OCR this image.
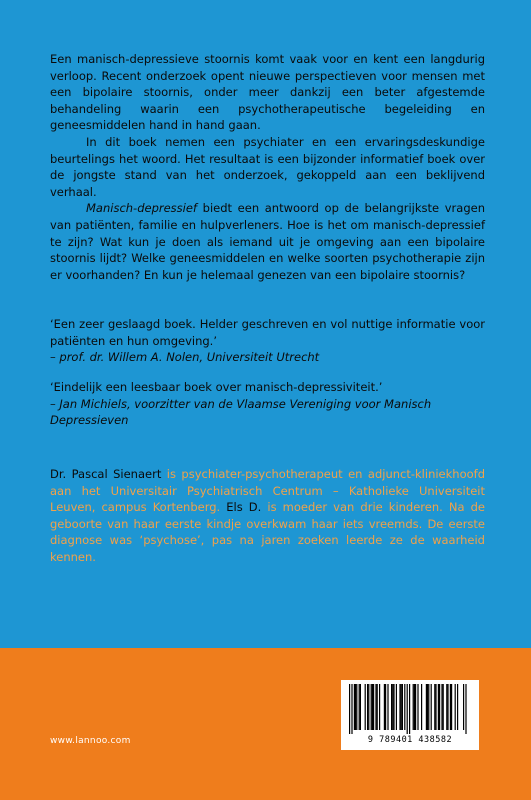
Een manisch-depressieve stoornis komt vaak voor en kent een langdurig verloop. Recent onderzoek opent nieuwe perspectieven voor mensen met een bipolaire stoornis, onder meer dankzij een beter afgestemde behandeling waarin een psychotherapeutische begeleiding en geneesmiddelen hand in hand gaan.

In dit boek nemen een psychiater en een ervaringsdeskundige beurtelings het woord. Het resultaat is een bijzonder informatief boek over de jongste stand van het onderzoek, gekoppeld aan een beklijvend verhaal.

Manisch-depressief biedt een antwoord op de belangrijkste vragen van patiënten, familie en hulpverleners. Hoe is het om manisch-depressief te zijn? Wat kun je doen als iemand uit je omgeving aan een bipolaire stoornis lijdt? Welke geneesmiddelen en welke soorten psychotherapie zijn er voorhanden? En kun je helemaal genezen van een bipolaire stoornis?

‘Een zeer geslaagd boek. Helder geschreven en vol nuttige informatie voor patiënten en hun omgeving.’
– prof. dr. Willem A. Nolen, Universiteit Utrecht
‘Eindelijk een leesbaar boek over manisch-depressiviteit.’
– Jan Michiels, voorzitter van de Vlaamse Vereniging voor Manisch Depressieven
Dr. Pascal Sienaert is psychiater-psychotherapeut en adjunct-kliniekhoofd aan het Universitair Psychiatrisch Centrum – Katholieke Universiteit Leuven, campus Kortenberg. Els D. is moeder van drie kinderen. Na de geboorte van haar eerste kindje overkwam haar iets vreemds. De eerste diagnose was ‘psychose’, pas na jaren zoeken leerde ze de waarheid kennen.
9 789401 438582
www.lannoo.com
